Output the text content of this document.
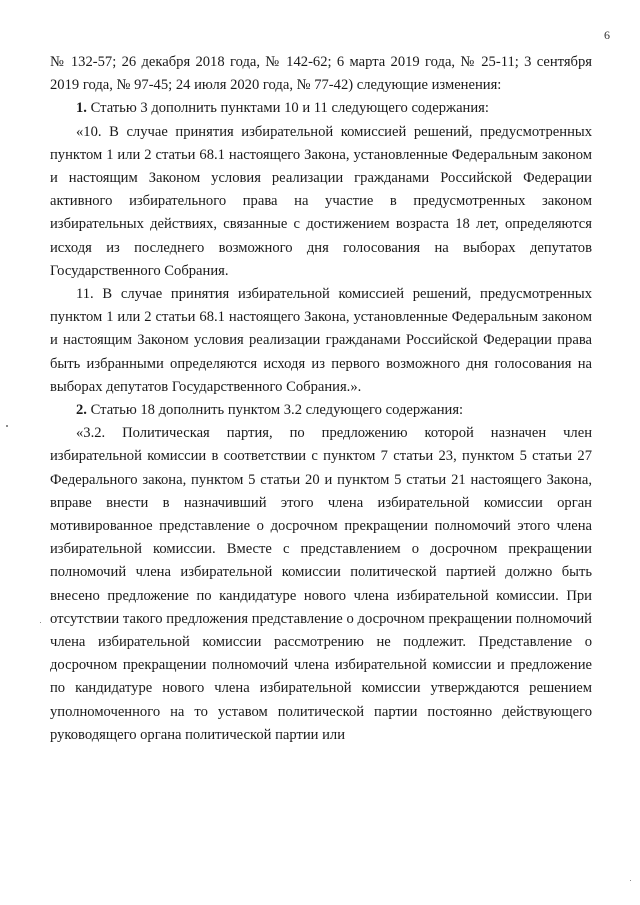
6

№ 132-57; 26 декабря 2018 года, № 142-62; 6 марта 2019 года, № 25-11; 3 сентября 2019 года, № 97-45; 24 июля 2020 года, № 77-42) следующие изменения:

1. Статью 3 дополнить пунктами 10 и 11 следующего содержания:

«10. В случае принятия избирательной комиссией решений, предусмотренных пунктом 1 или 2 статьи 68.1 настоящего Закона, установленные Федеральным законом и настоящим Законом условия реализации гражданами Российской Федерации активного избирательного права на участие в предусмотренных законом избирательных действиях, связанные с достижением возраста 18 лет, определяются исходя из последнего возможного дня голосования на выборах депутатов Государственного Собрания.

11. В случае принятия избирательной комиссией решений, предусмотренных пунктом 1 или 2 статьи 68.1 настоящего Закона, установленные Федеральным законом и настоящим Законом условия реализации гражданами Российской Федерации права быть избранными определяются исходя из первого возможного дня голосования на выборах депутатов Государственного Собрания.».

2. Статью 18 дополнить пунктом 3.2 следующего содержания:

«3.2. Политическая партия, по предложению которой назначен член избирательной комиссии в соответствии с пунктом 7 статьи 23, пунктом 5 статьи 27 Федерального закона, пунктом 5 статьи 20 и пунктом 5 статьи 21 настоящего Закона, вправе внести в назначивший этого члена избирательной комиссии орган мотивированное представление о досрочном прекращении полномочий этого члена избирательной комиссии. Вместе с представлением о досрочном прекращении полномочий члена избирательной комиссии политической партией должно быть внесено предложение по кандидатуре нового члена избирательной комиссии. При отсутствии такого предложения представление о досрочном прекращении полномочий члена избирательной комиссии рассмотрению не подлежит. Представление о досрочном прекращении полномочий члена избирательной комиссии и предложение по кандидатуре нового члена избирательной комиссии утверждаются решением уполномоченного на то уставом политической партии постоянно действующего руководящего органа политической партии или
